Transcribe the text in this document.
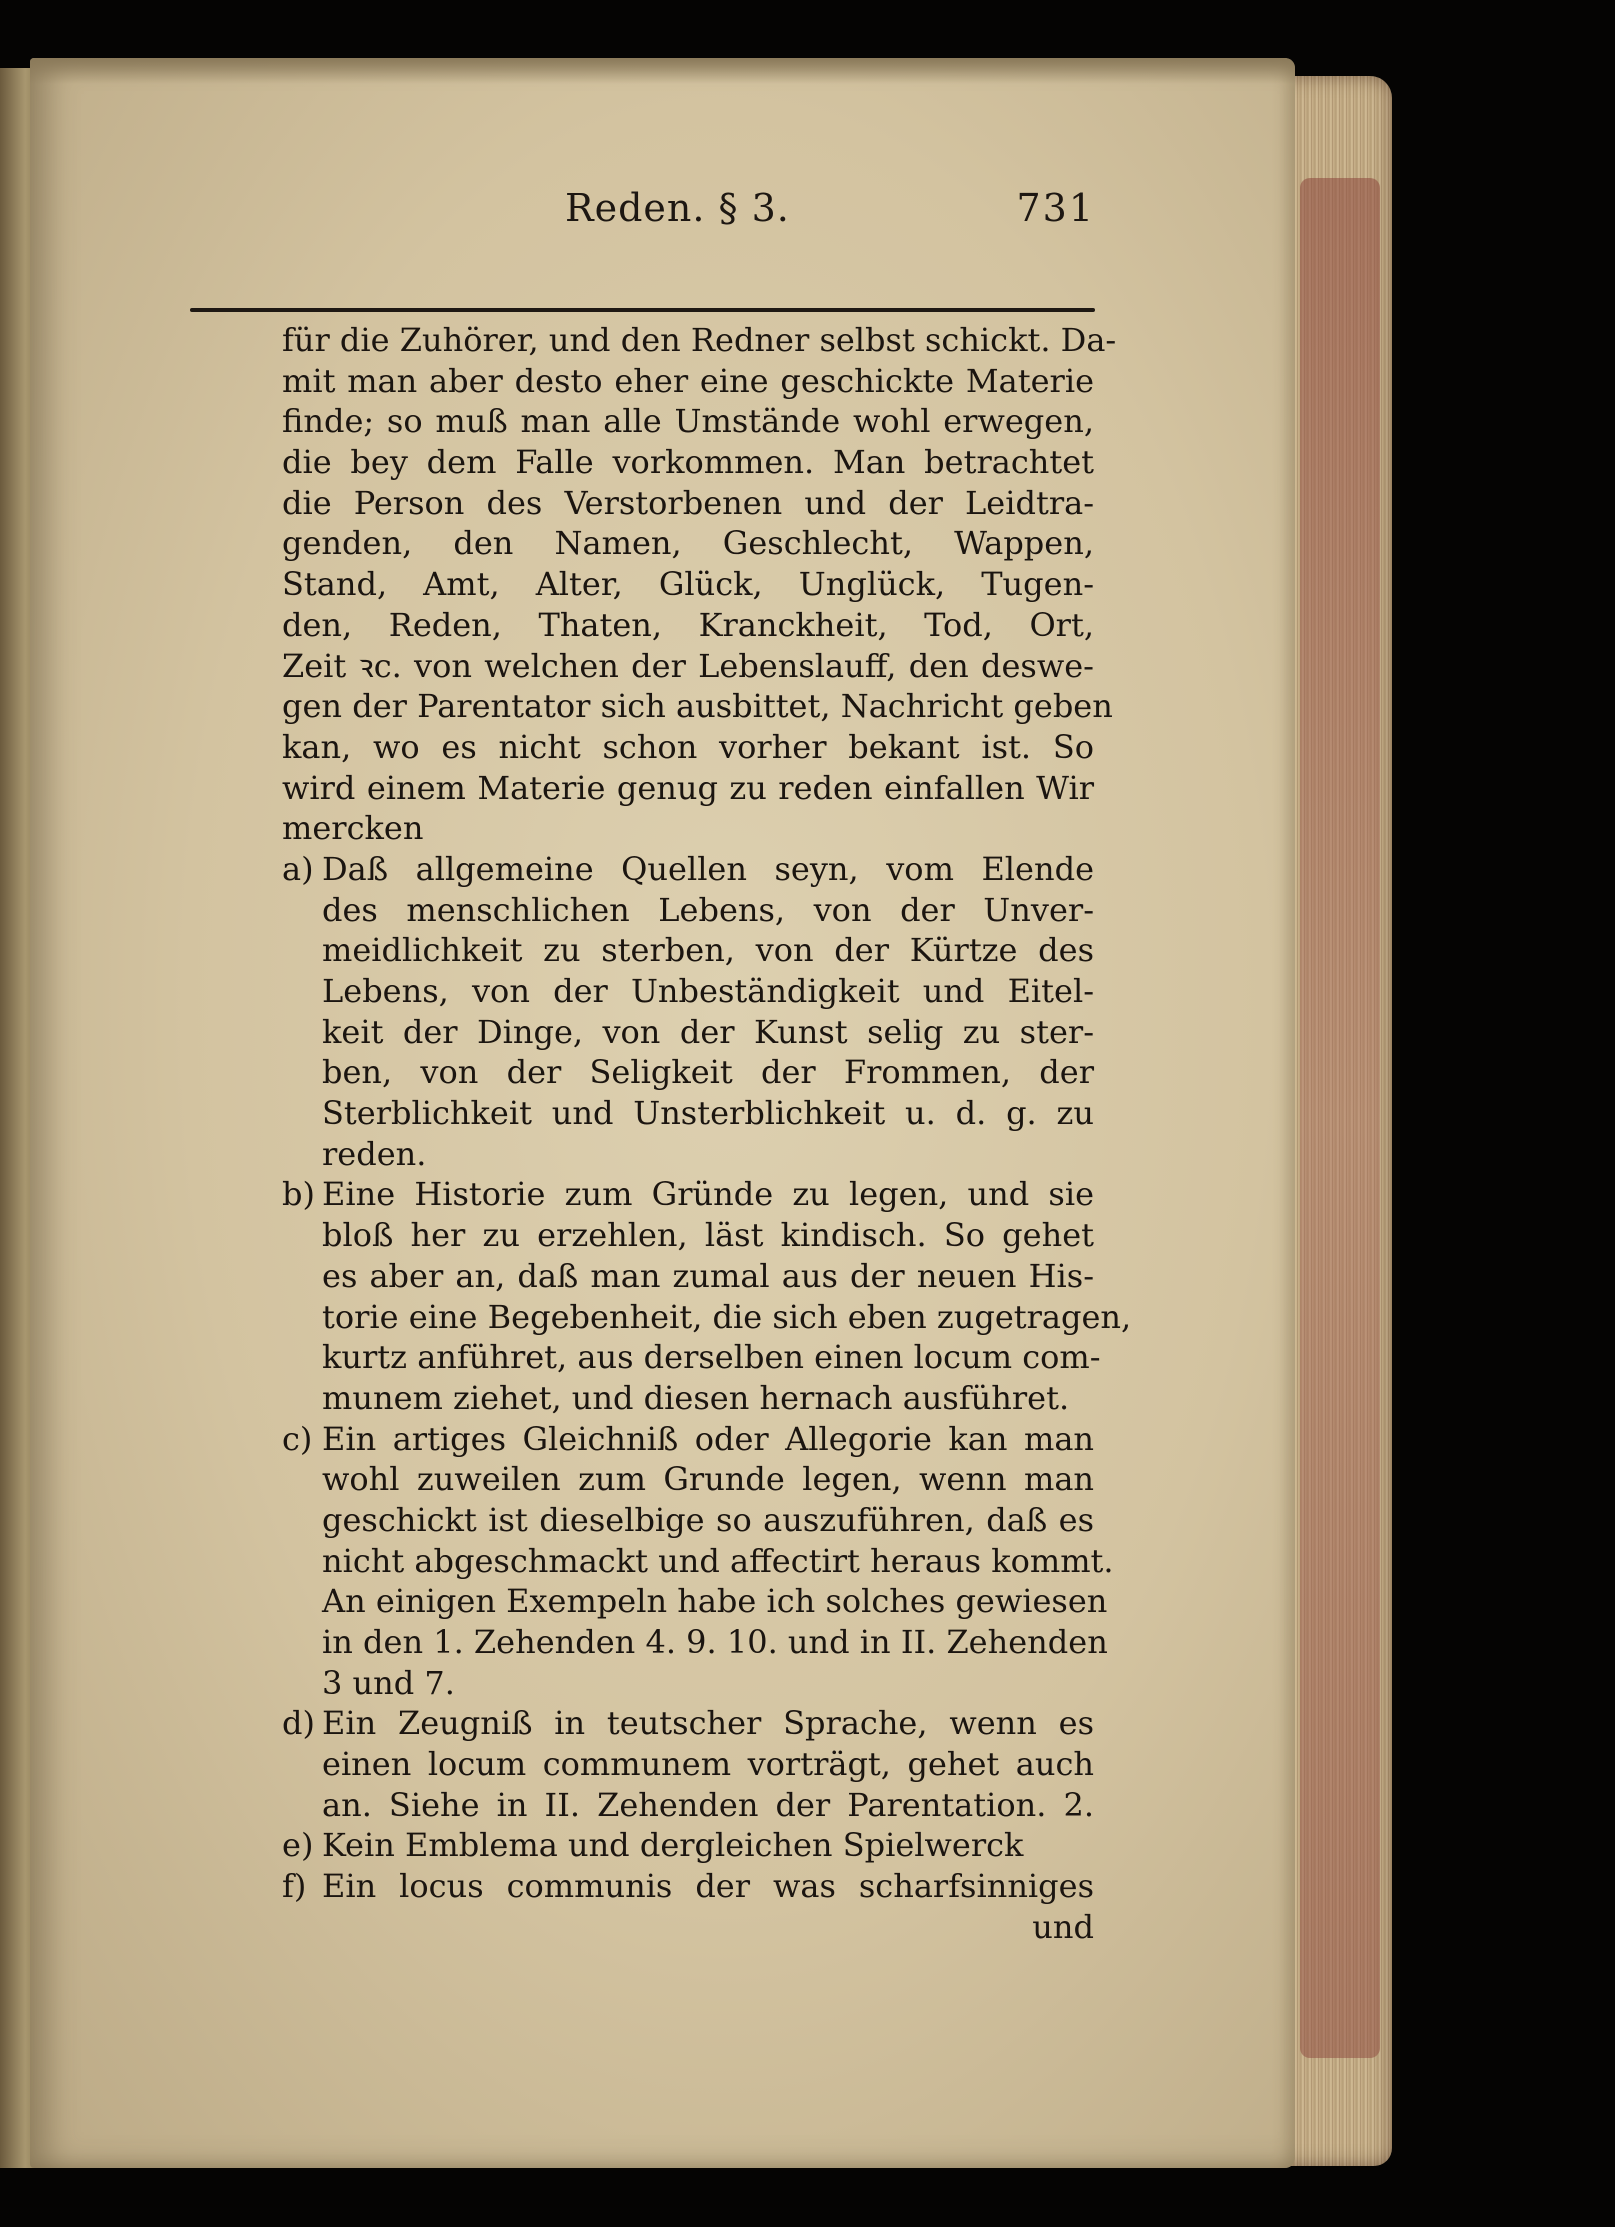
Reden. § 3.	731
für die Zuhörer, und den Redner selbst schickt. Da-
mit man aber desto eher eine geschickte Materie
finde; so muß man alle Umstände wohl erwegen,
die bey dem Falle vorkommen. Man betrachtet
die Person des Verstorbenen und der Leidtra-
genden, den Namen, Geschlecht, Wappen,
Stand, Amt, Alter, Glück, Unglück, Tugen-
den, Reden, Thaten, Kranckheit, Tod, Ort,
Zeit ꝛc. von welchen der Lebenslauff, den deswe-
gen der Parentator sich ausbittet, Nachricht geben
kan, wo es nicht schon vorher bekant ist. So
wird einem Materie genug zu reden einfallen Wir
mercken
a) Daß allgemeine Quellen seyn, vom Elende
des menschlichen Lebens, von der Unver-
meidlichkeit zu sterben, von der Kürtze des
Lebens, von der Unbeständigkeit und Eitel-
keit der Dinge, von der Kunst selig zu ster-
ben, von der Seligkeit der Frommen, der
Sterblichkeit und Unsterblichkeit u. d. g. zu
reden.
b) Eine Historie zum Gründe zu legen, und sie
bloß her zu erzehlen, läst kindisch. So gehet
es aber an, daß man zumal aus der neuen His-
torie eine Begebenheit, die sich eben zugetragen,
kurtz anführet, aus derselben einen locum com-
munem ziehet, und diesen hernach ausführet.
c) Ein artiges Gleichniß oder Allegorie kan man
wohl zuweilen zum Grunde legen, wenn man
geschickt ist dieselbige so auszuführen, daß es
nicht abgeschmackt und affectirt heraus kommt.
An einigen Exempeln habe ich solches gewiesen
in den 1. Zehenden 4. 9. 10. und in II. Zehenden
3 und 7.
d) Ein Zeugniß in teutscher Sprache, wenn es
einen locum communem vorträgt, gehet auch
an. Siehe in II. Zehenden der Parentation. 2.
e) Kein Emblema und dergleichen Spielwerck
f) Ein locus communis der was scharfsinniges
und
